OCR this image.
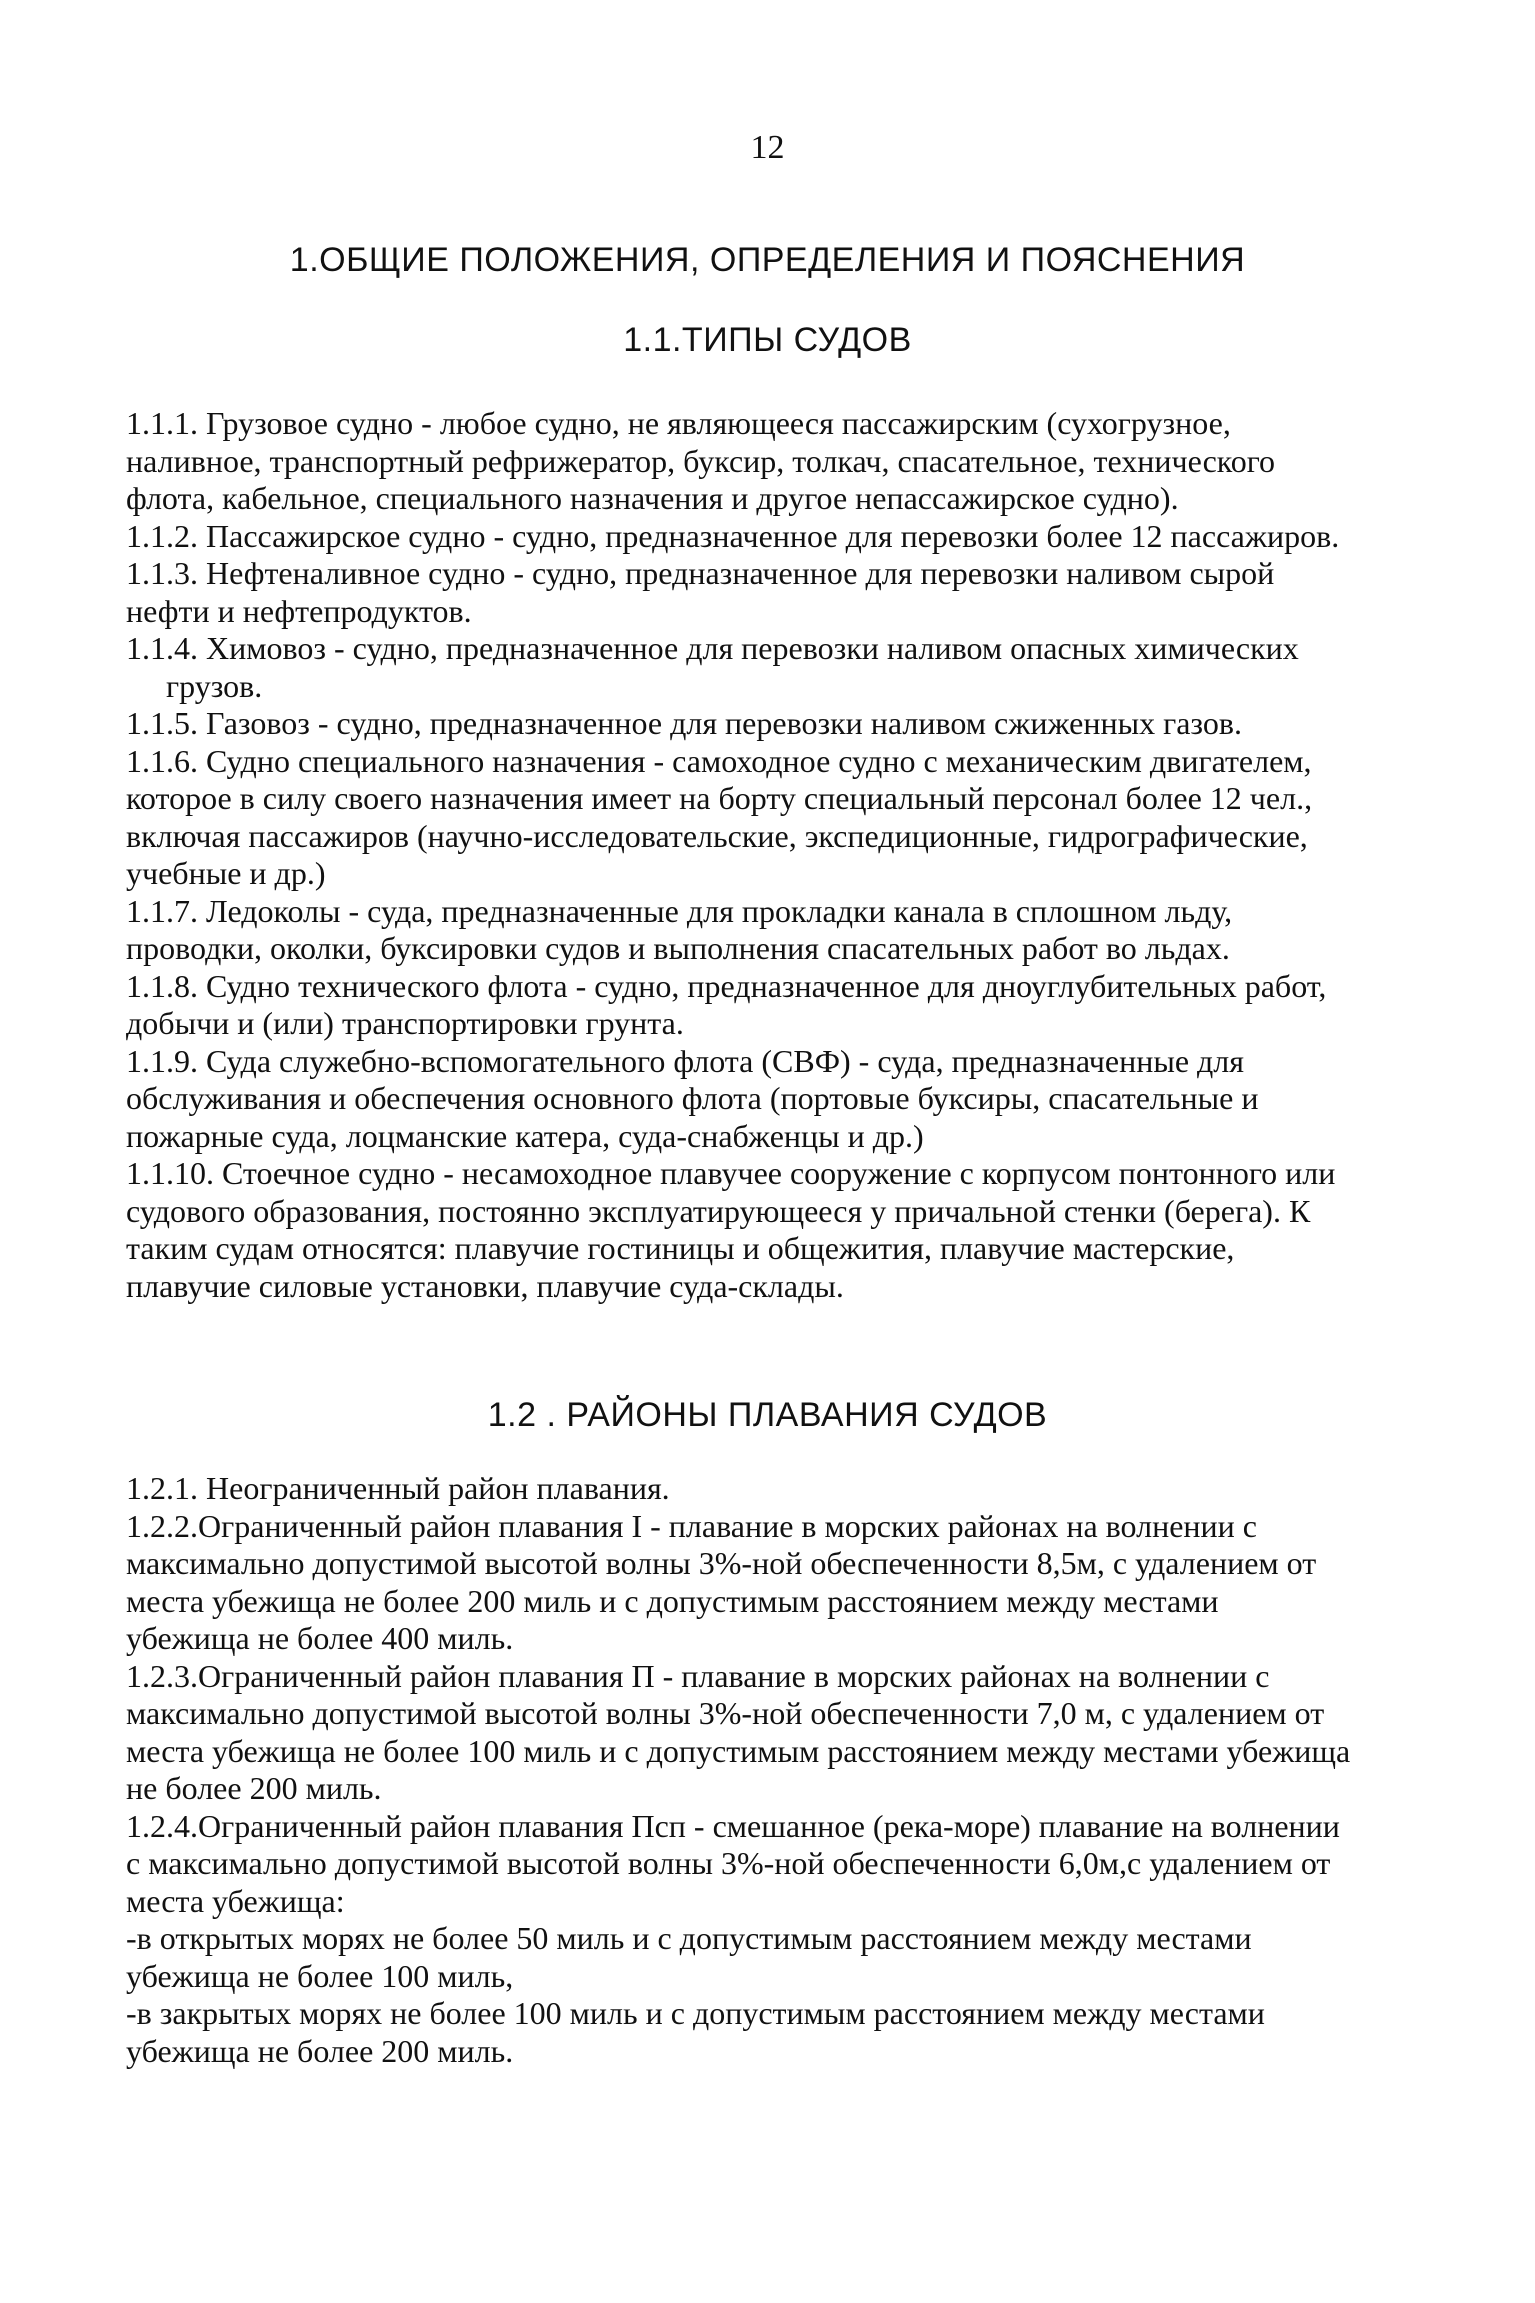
12
1.ОБЩИЕ ПОЛОЖЕНИЯ, ОПРЕДЕЛЕНИЯ И ПОЯСНЕНИЯ
1.1.ТИПЫ СУДОВ
1.1.1. Грузовое судно - любое судно, не являющееся пассажирским (сухогрузное,
наливное, транспортный рефрижератор, буксир, толкач, спасательное, технического
флота, кабельное, специального назначения и другое непассажирское судно).
1.1.2. Пассажирское судно - судно, предназначенное для перевозки более 12 пассажиров.
1.1.3. Нефтеналивное судно - судно, предназначенное для перевозки наливом сырой
нефти и нефтепродуктов.
1.1.4. Химовоз - судно, предназначенное для перевозки наливом опасных химических
грузов.
1.1.5. Газовоз - судно, предназначенное для перевозки наливом сжиженных газов.
1.1.6. Судно специального назначения - самоходное судно с механическим двигателем,
которое в силу своего назначения имеет на борту специальный персонал более 12 чел.,
включая пассажиров (научно-исследовательские, экспедиционные, гидрографические,
учебные и др.)
1.1.7. Ледоколы - суда, предназначенные для прокладки канала в сплошном льду,
проводки, околки, буксировки судов и выполнения спасательных работ во льдах.
1.1.8. Судно технического флота - судно, предназначенное для дноуглубительных работ,
добычи и (или) транспортировки грунта.
1.1.9. Суда служебно-вспомогательного флота (СВФ) - суда, предназначенные для
обслуживания и обеспечения основного флота (портовые буксиры, спасательные и
пожарные суда, лоцманские катера, суда-снабженцы и др.)
1.1.10. Стоечное судно - несамоходное плавучее сооружение с корпусом понтонного или
судового образования, постоянно эксплуатирующееся у причальной стенки (берега). К
таким судам относятся: плавучие гостиницы и общежития, плавучие мастерские,
плавучие силовые установки, плавучие суда-склады.
1.2 . РАЙОНЫ ПЛАВАНИЯ СУДОВ
1.2.1. Неограниченный район плавания.
1.2.2.Ограниченный район плавания I - плавание в морских районах на волнении с
максимально допустимой высотой волны 3%-ной обеспеченности 8,5м, с удалением от
места убежища не более 200 миль и с допустимым расстоянием между местами
убежища не более 400 миль.
1.2.3.Ограниченный район плавания П - плавание в морских районах на волнении с
максимально допустимой высотой волны 3%-ной обеспеченности 7,0 м, с удалением от
места убежища не более 100 миль и с допустимым расстоянием между местами убежища
не более 200 миль.
1.2.4.Ограниченный район плавания Псп - смешанное (река-море) плавание на волнении
с максимально допустимой высотой волны 3%-ной обеспеченности 6,0м,с удалением от
места убежища:
-в открытых морях не более 50 миль и с допустимым расстоянием между местами
убежища не более 100 миль,
-в закрытых морях не более 100 миль и с допустимым расстоянием между местами
убежища не более 200 миль.
